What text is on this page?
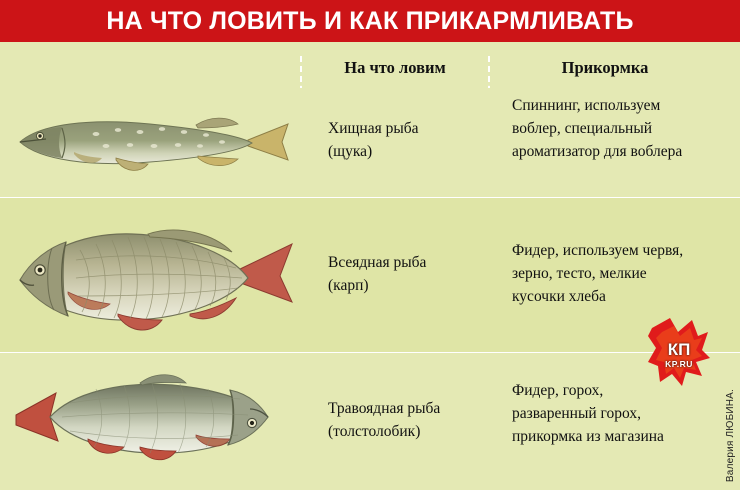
НА ЧТО ЛОВИТЬ И КАК ПРИКАРМЛИВАТЬ
На что ловим	Прикормка
Хищная рыба
(щука)
Спиннинг, используем
воблер, специальный
ароматизатор для воблера
Всеядная рыба
(карп)
Фидер, используем червя,
зерно, тесто, мелкие
кусочки хлеба
Травоядная рыба
(толстолобик)
Фидер, горох,
разваренный горох,
прикормка из магазина
КП
KP.RU
Валерия ЛЮБИНА.
